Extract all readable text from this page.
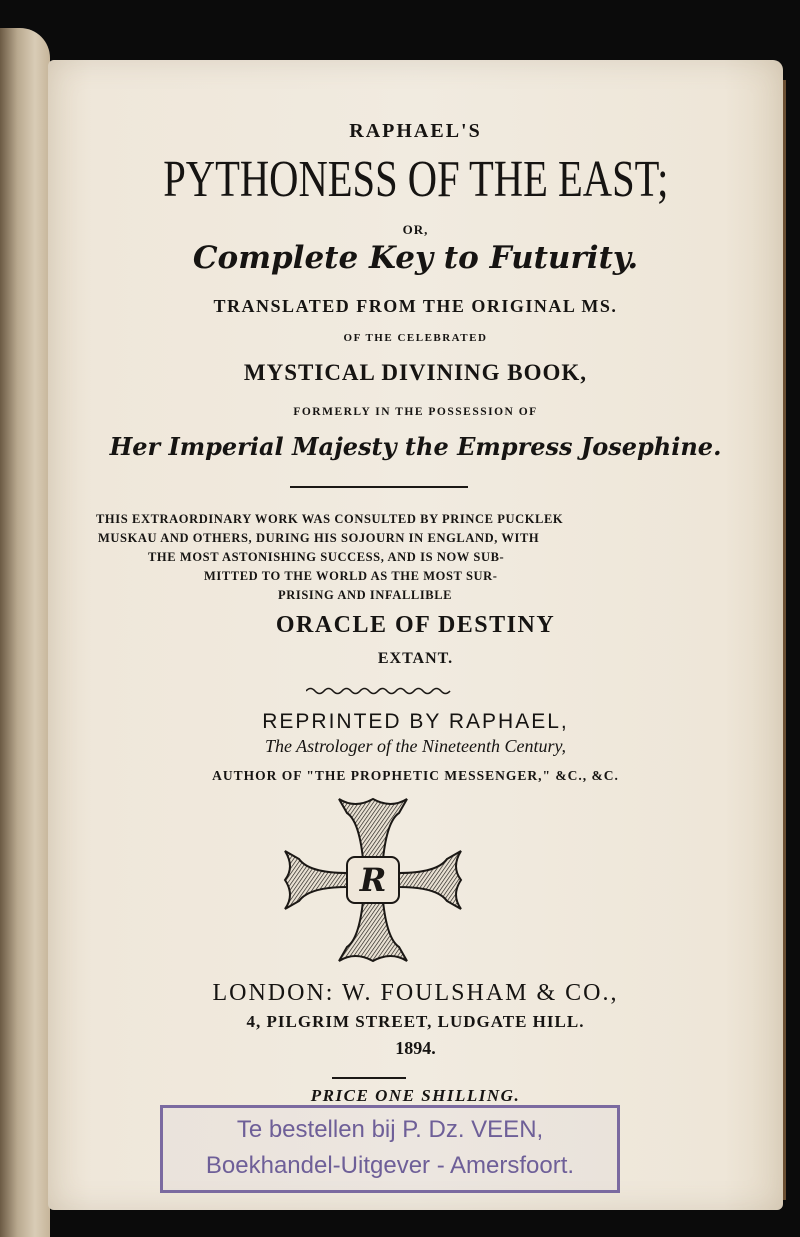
RAPHAEL'S

PYTHONESS OF THE EAST;

OR,

Complete Key to Futurity.

TRANSLATED FROM THE ORIGINAL MS.

OF THE CELEBRATED

MYSTICAL DIVINING BOOK,

FORMERLY IN THE POSSESSION OF

Her Imperial Majesty the Empress Josephine.

THIS EXTRAORDINARY WORK WAS CONSULTED BY PRINCE PUCKLEK
MUSKAU AND OTHERS, DURING HIS SOJOURN IN ENGLAND, WITH
THE MOST ASTONISHING SUCCESS, AND IS NOW SUB-
MITTED TO THE WORLD AS THE MOST SUR-
PRISING AND INFALLIBLE

ORACLE OF DESTINY

EXTANT.

REPRINTED BY RAPHAEL,

The Astrologer of the Nineteenth Century,

AUTHOR OF "THE PROPHETIC MESSENGER," &C., &C.

R

LONDON: W. FOULSHAM & CO.,

4, PILGRIM STREET, LUDGATE HILL.

1894.

PRICE ONE SHILLING.

Te bestellen bij P. Dz. VEEN,
Boekhandel-Uitgever - Amersfoort.
